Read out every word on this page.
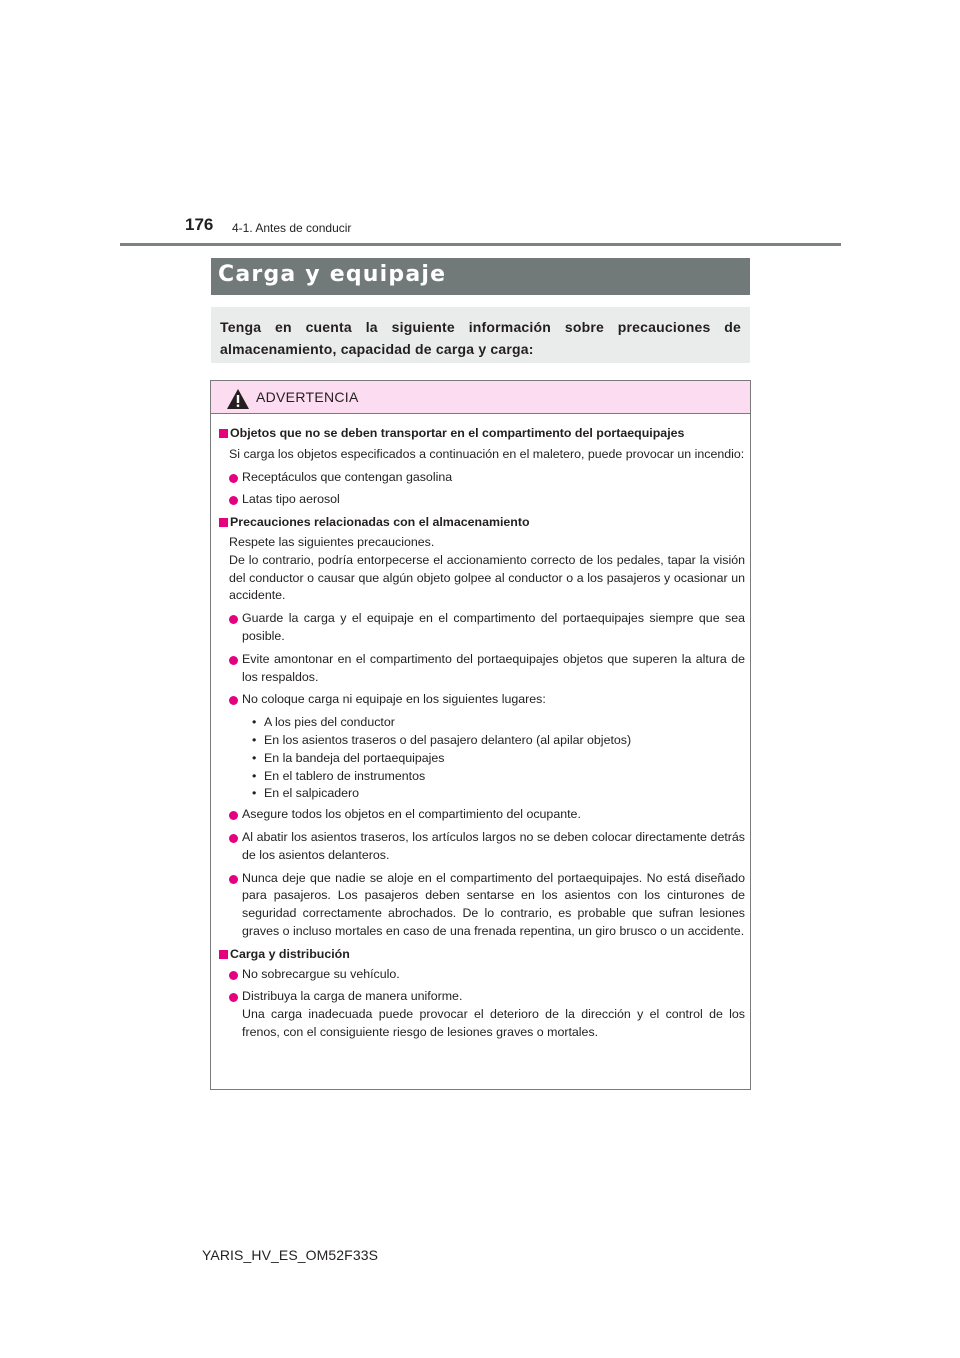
176 4-1. Antes de conducir
Carga y equipaje

Tenga en cuenta la siguiente información sobre precauciones de almacenamiento, capacidad de carga y carga:

ADVERTENCIA
Objetos que no se deben transportar en el compartimento del portaequipajes
Si carga los objetos especificados a continuación en el maletero, puede provocar un incendio:
Receptáculos que contengan gasolina
Latas tipo aerosol
Precauciones relacionadas con el almacenamiento
Respete las siguientes precauciones.
De lo contrario, podría entorpecerse el accionamiento correcto de los pedales, tapar la visión del conductor o causar que algún objeto golpee al conductor o a los pasajeros y ocasionar un accidente.
Guarde la carga y el equipaje en el compartimento del portaequipajes siempre que sea posible.
Evite amontonar en el compartimento del portaequipajes objetos que superen la altura de los respaldos.
No coloque carga ni equipaje en los siguientes lugares:
• A los pies del conductor
• En los asientos traseros o del pasajero delantero (al apilar objetos)
• En la bandeja del portaequipajes
• En el tablero de instrumentos
• En el salpicadero
Asegure todos los objetos en el compartimiento del ocupante.
Al abatir los asientos traseros, los artículos largos no se deben colocar directamente detrás de los asientos delanteros.
Nunca deje que nadie se aloje en el compartimento del portaequipajes. No está diseñado para pasajeros. Los pasajeros deben sentarse en los asientos con los cinturones de seguridad correctamente abrochados. De lo contrario, es probable que sufran lesiones graves o incluso mortales en caso de una frenada repentina, un giro brusco o un accidente.
Carga y distribución
No sobrecargue su vehículo.
Distribuya la carga de manera uniforme.
Una carga inadecuada puede provocar el deterioro de la dirección y el control de los frenos, con el consiguiente riesgo de lesiones graves o mortales.
YARIS_HV_ES_OM52F33S
